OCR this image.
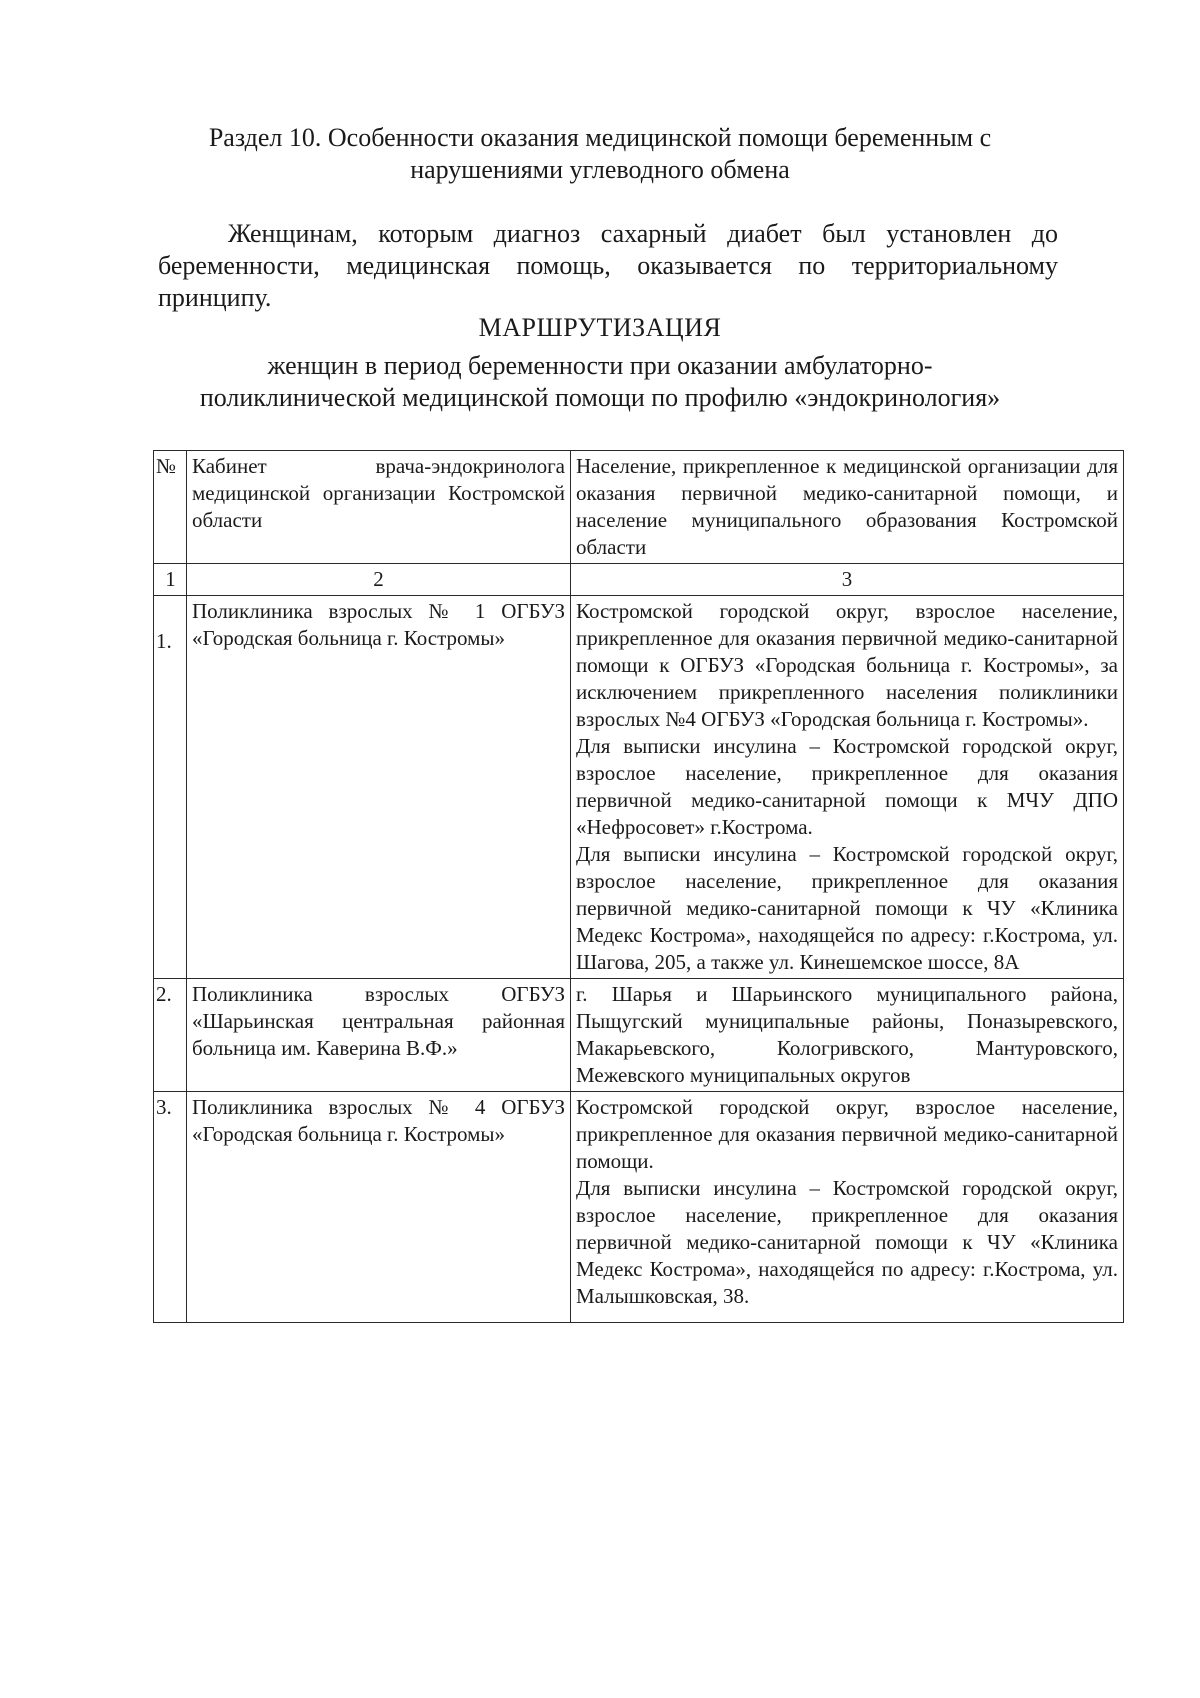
Раздел 10. Особенности оказания медицинской помощи беременным с
нарушениями углеводного обмена
Женщинам, которым диагноз сахарный диабет был установлен до беременности, медицинская помощь, оказывается по территориальному принципу.
МАРШРУТИЗАЦИЯ
женщин в период беременности при оказании амбулаторно-
поликлинической медицинской помощи по профилю «эндокринология»
№	Кабинет врача-эндокринолога медицинской организации Костромской области	Население, прикрепленное к медицинской организации для оказания первичной медико-санитарной помощи, и население муниципального образования Костромской области
1	2	3
1.	Поликлиника взрослых № 1 ОГБУЗ «Городская больница г. Костромы»	Костромской городской округ, взрослое население, прикрепленное для оказания первичной медико-санитарной помощи к ОГБУЗ «Городская больница г. Костромы», за исключением прикрепленного населения поликлиники взрослых №4 ОГБУЗ «Городская больница г. Костромы».
Для выписки инсулина – Костромской городской округ, взрослое население, прикрепленное для оказания первичной медико-санитарной помощи к МЧУ ДПО «Нефросовет» г.Кострома.
Для выписки инсулина – Костромской городской округ, взрослое население, прикрепленное для оказания первичной медико-санитарной помощи к ЧУ «Клиника Медекс Кострома», находящейся по адресу: г.Кострома, ул. Шагова, 205, а также ул. Кинешемское шоссе, 8А

2.	Поликлиника взрослых ОГБУЗ «Шарьинская центральная районная больница им. Каверина В.Ф.»	г. Шарья и Шарьинского муниципального района, Пыщугский муниципальные районы, Поназыревского, Макарьевского, Кологривского, Мантуровского, Межевского муниципальных округов

3.	Поликлиника взрослых № 4 ОГБУЗ «Городская больница г. Костромы»	Костромской городской округ, взрослое население, прикрепленное для оказания первичной медико-санитарной помощи.
Для выписки инсулина – Костромской городской округ, взрослое население, прикрепленное для оказания первичной медико-санитарной помощи к ЧУ «Клиника Медекс Кострома», находящейся по адресу: г.Кострома, ул. Малышковская, 38.
